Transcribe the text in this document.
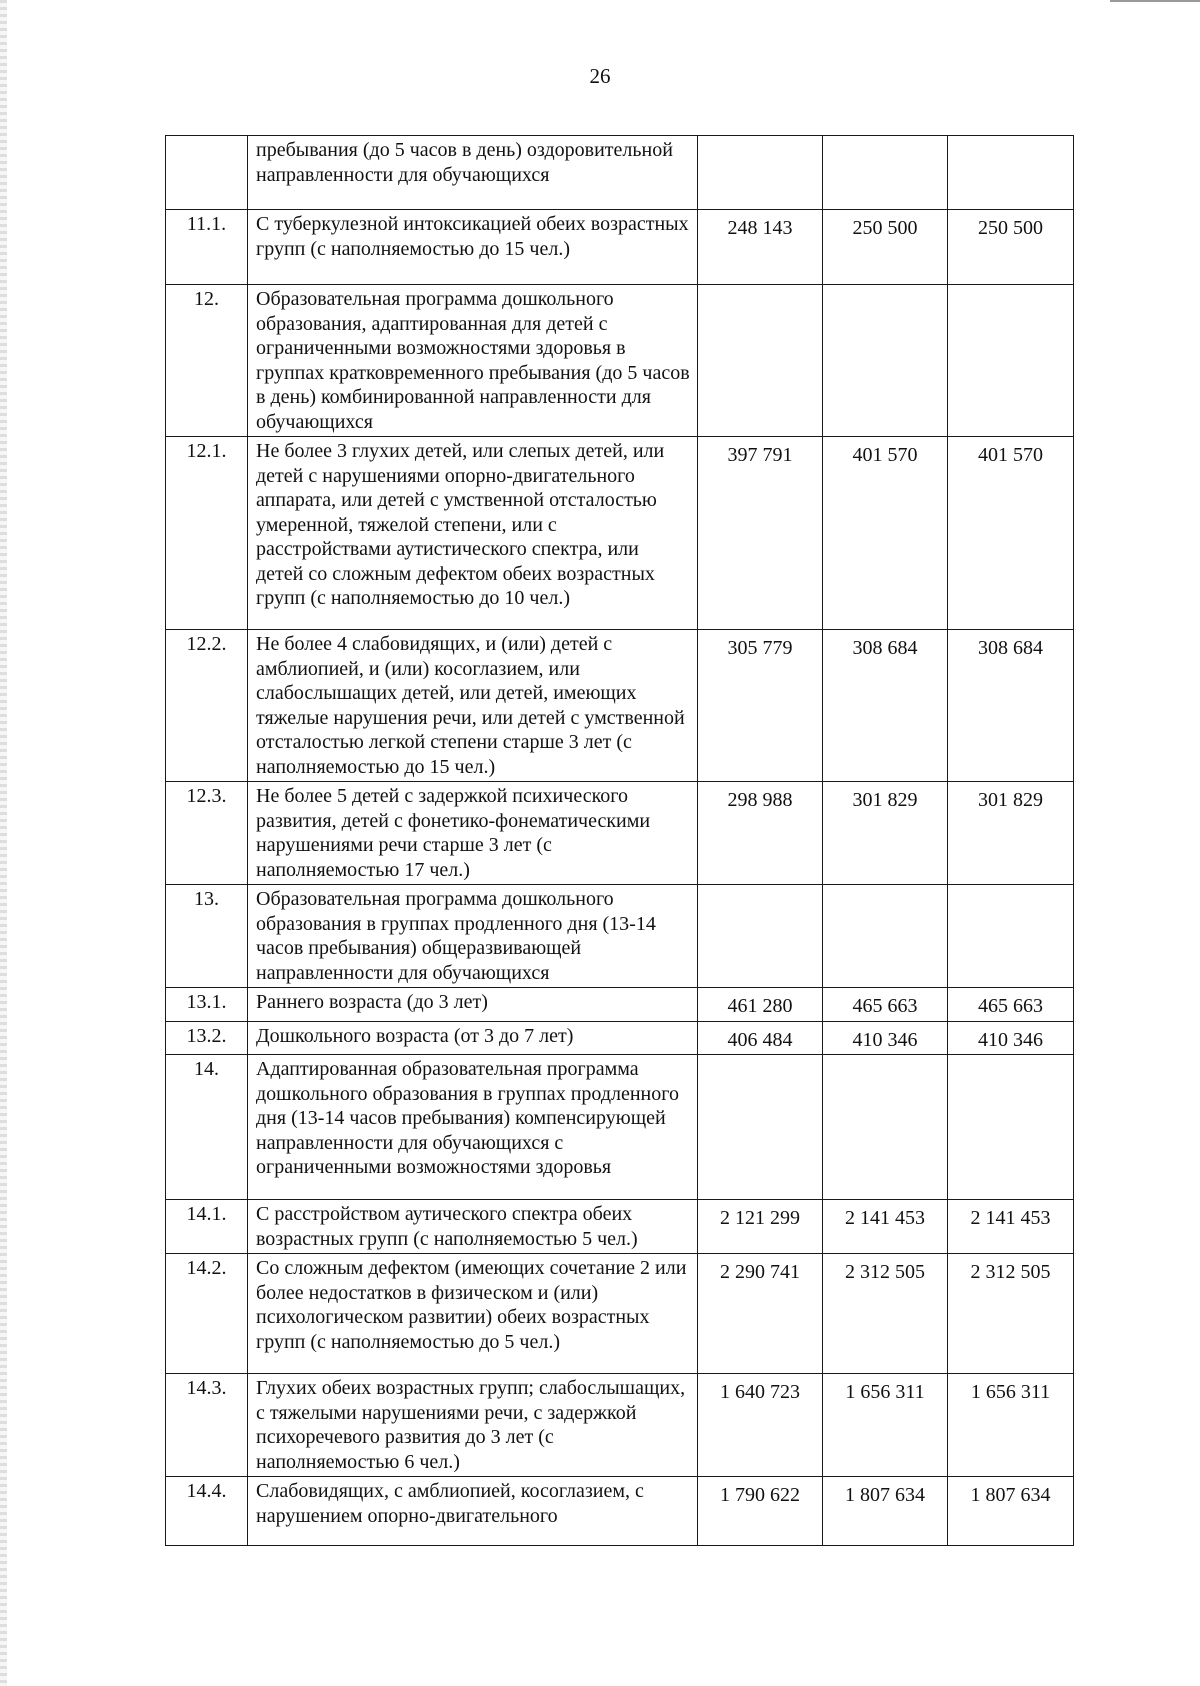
26
	пребывания (до 5 часов в день) оздоровительной направленности для обучающихся			
11.1.	С туберкулезной интоксикацией обеих возрастных групп (с наполняемостью до 15 чел.)	248 143	250 500	250 500
12.	Образовательная программа дошкольного образования, адаптированная для детей с ограниченными возможностями здоровья в группах кратковременного пребывания (до 5 часов в день) комбинированной направленности для обучающихся			
12.1.	Не более 3 глухих детей, или слепых детей, или детей с нарушениями опорно-двигательного аппарата, или детей с умственной отсталостью умеренной, тяжелой степени, или с расстройствами аутистического спектра, или детей со сложным дефектом обеих возрастных групп (с наполняемостью до 10 чел.)	397 791	401 570	401 570
12.2.	Не более 4 слабовидящих, и (или) детей с амблиопией, и (или) косоглазием, или слабослышащих детей, или детей, имеющих тяжелые нарушения речи, или детей с умственной отсталостью легкой степени старше 3 лет (с наполняемостью до 15 чел.)	305 779	308 684	308 684
12.3.	Не более 5 детей с задержкой психического развития, детей с фонетико-фонематическими нарушениями речи старше 3 лет (с наполняемостью 17 чел.)	298 988	301 829	301 829
13.	Образовательная программа дошкольного образования в группах продленного дня (13-14 часов пребывания) общеразвивающей направленности для обучающихся			
13.1.	Раннего возраста (до 3 лет)	461 280	465 663	465 663
13.2.	Дошкольного возраста (от 3 до 7 лет)	406 484	410 346	410 346
14.	Адаптированная образовательная программа дошкольного образования в группах продленного дня (13-14 часов пребывания) компенсирующей направленности для обучающихся с ограниченными возможностями здоровья			
14.1.	С расстройством аутического спектра обеих возрастных групп (с наполняемостью 5 чел.)	2 121 299	2 141 453	2 141 453
14.2.	Со сложным дефектом (имеющих сочетание 2 или более недостатков в физическом и (или) психологическом развитии) обеих возрастных групп (с наполняемостью до 5 чел.)	2 290 741	2 312 505	2 312 505
14.3.	Глухих обеих возрастных групп; слабослышащих, с тяжелыми нарушениями речи, с задержкой психоречевого развития до 3 лет (с наполняемостью 6 чел.)	1 640 723	1 656 311	1 656 311
14.4.	Слабовидящих, с амблиопией, косоглазием, с нарушением опорно-двигательного	1 790 622	1 807 634	1 807 634
